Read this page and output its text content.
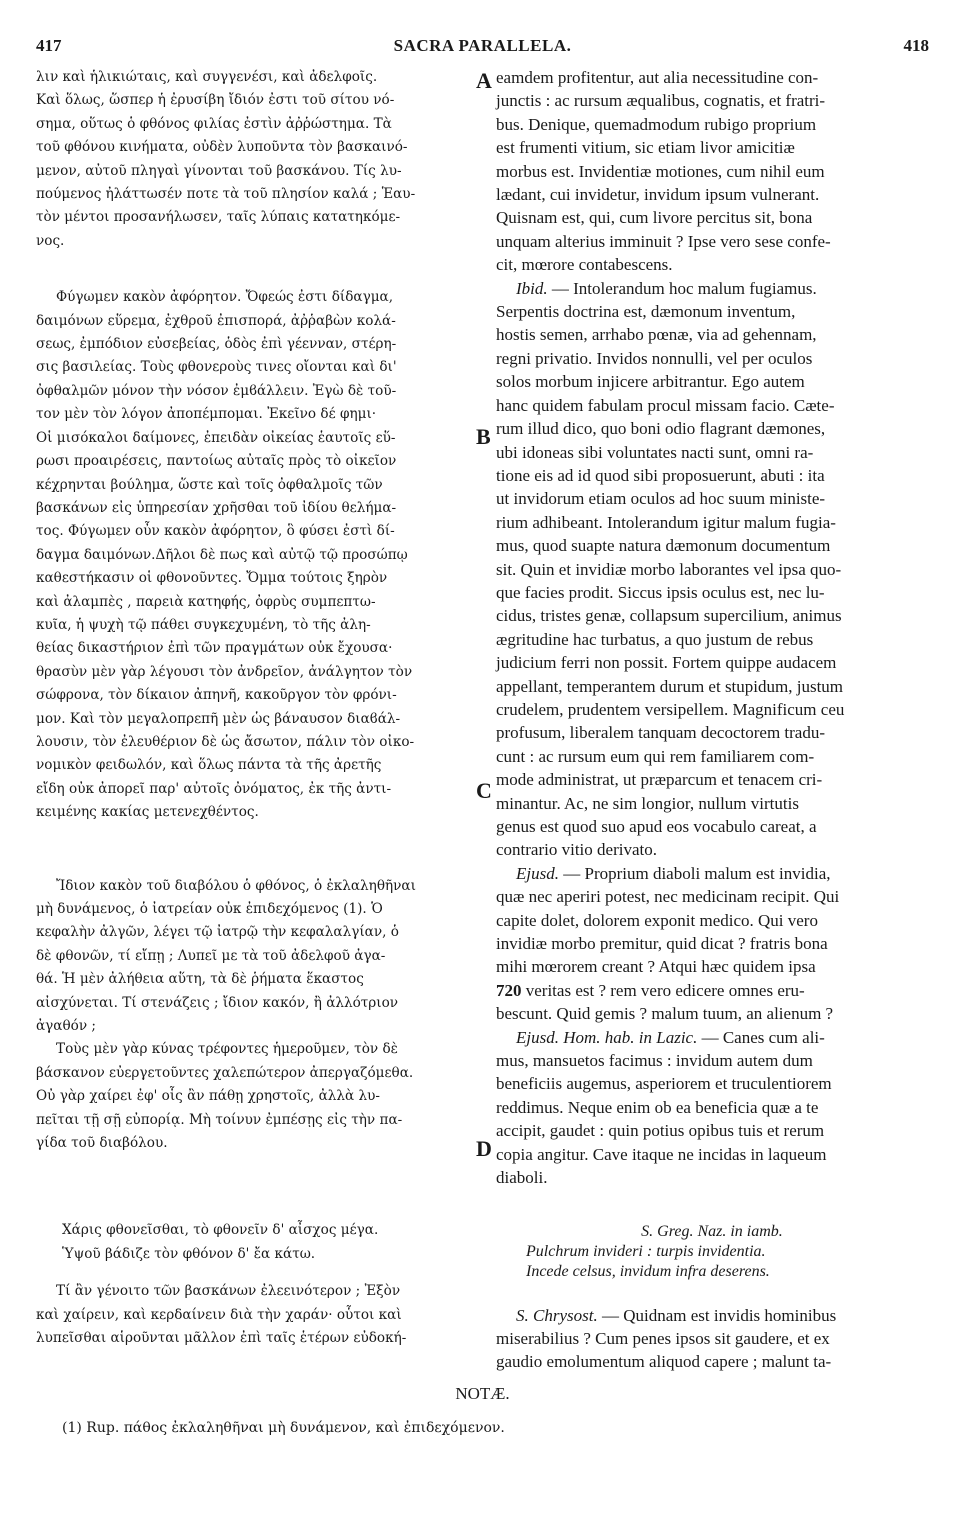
417	SACRA PARALLELA.	418
A
B
C
D

λιν καὶ ἡλικιώταις, καὶ συγγενέσι, καὶ ἀδελφοῖς.
Καὶ ὅλως, ὥσπερ ἡ ἐρυσίβη ἴδιόν ἐστι τοῦ σίτου νό-
σημα, οὕτως ὁ φθόνος φιλίας ἐστὶν ἀῤῥώστημα. Τὰ
τοῦ φθόνου κινήματα, οὐδὲν λυποῦντα τὸν βασκαινό-
μενον, αὐτοῦ πληγαὶ γίνονται τοῦ βασκάνου. Τίς λυ-
πούμενος ἠλάττωσέν ποτε τὰ τοῦ πλησίον καλά ; Ἑαυ-
τὸν μέντοι προσανήλωσεν, ταῖς λύπαις κατατηκόμε-
νος.

Φύγωμεν κακὸν ἀφόρητον. Ὄφεώς ἐστι δίδαγμα,
δαιμόνων εὕρεμα, ἐχθροῦ ἐπισπορά, ἀῤῥαβὼν κολά-
σεως, ἐμπόδιον εὐσεβείας, ὁδὸς ἐπὶ γέενναν, στέρη-
σις βασιλείας. Τοὺς φθονεροὺς τινες οἴονται καὶ δι'
ὀφθαλμῶν μόνον τὴν νόσον ἐμϐάλλειν. Ἐγὼ δὲ τοῦ-
τον μὲν τὸν λόγον ἀποπέμπομαι. Ἐκεῖνο δέ φημι·
Οἱ μισόκαλοι δαίμονες, ἐπειδὰν οἰκείας ἑαυτοῖς εὕ-
ρωσι προαιρέσεις, παντοίως αὐταῖς πρὸς τὸ οἰκεῖον
κέχρηνται βούλημα, ὥστε καὶ τοῖς ὀφθαλμοῖς τῶν
βασκάνων εἰς ὑπηρεσίαν χρῆσθαι τοῦ ἰδίου θελήμα-
τος. Φύγωμεν οὖν κακὸν ἀφόρητον, ὃ φύσει ἐστὶ δί-
δαγμα δαιμόνων.Δῆλοι δὲ πως καὶ αὐτῷ τῷ προσώπῳ
καθεστήκασιν οἱ φθονοῦντες. Ὄμμα τούτοις ξηρὸν
καὶ ἀλαμπὲς , παρειὰ κατηφής, ὀφρὺς συμπεπτω-
κυῖα, ἡ ψυχὴ τῷ πάθει συγκεχυμένη, τὸ τῆς ἀλη-
θείας δικαστήριον ἐπὶ τῶν πραγμάτων οὐκ ἔχουσα·
θρασὺν μὲν γὰρ λέγουσι τὸν ἀνδρεῖον, ἀνάλγητον τὸν
σώφρονα, τὸν δίκαιον ἀπηνῆ, κακοῦργον τὸν φρόνι-
μον. Καὶ τὸν μεγαλοπρεπῆ μὲν ὡς βάναυσον διαϐάλ-
λουσιν, τὸν ἐλευθέριον δὲ ὡς ἄσωτον, πάλιν τὸν οἰκο-
νομικὸν φειδωλόν, καὶ ὅλως πάντα τὰ τῆς ἀρετῆς
εἴδη οὐκ ἀπορεῖ παρ' αὐτοῖς ὀνόματος, ἐκ τῆς ἀντι-
κειμένης κακίας μετενεχθέντος.

Ἴδιον κακὸν τοῦ διαβόλου ὁ φθόνος, ὁ ἐκλαληθῆναι
μὴ δυνάμενος, ὁ ἰατρείαν οὐκ ἐπιδεχόμενος (1). Ὁ
κεφαλὴν ἀλγῶν, λέγει τῷ ἰατρῷ τὴν κεφαλαλγίαν, ὁ
δὲ φθονῶν, τί εἴπῃ ; Λυπεῖ με τὰ τοῦ ἀδελφοῦ ἀγα-
θά. Ἡ μὲν ἀλήθεια αὕτη, τὰ δὲ ῥήματα ἕκαστος
αἰσχύνεται. Τί στενάζεις ; ἴδιον κακόν, ἢ ἀλλότριον
ἀγαθόν ;

Τοὺς μὲν γὰρ κύνας τρέφοντες ἡμεροῦμεν, τὸν δὲ
βάσκανον εὐεργετοῦντες χαλεπώτερον ἀπεργαζόμεθα.
Οὐ γὰρ χαίρει ἐφ' οἷς ἂν πάθῃ χρηστοῖς, ἀλλὰ λυ-
πεῖται τῇ σῇ εὐπορίᾳ. Μὴ τοίνυν ἐμπέσῃς εἰς τὴν πα-
γίδα τοῦ διαβόλου.

Χάρις φθονεῖσθαι, τὸ φθονεῖν δ' αἶσχος μέγα.
Ὑψοῦ βάδιζε τὸν φθόνον δ' ἔα κάτω.

Τί ἂν γένοιτο τῶν βασκάνων ἐλεεινότερον ; Ἐξὸν
καὶ χαίρειν, καὶ κερδαίνειν διὰ τὴν χαράν· οὗτοι καὶ
λυπεῖσθαι αἱροῦνται μᾶλλον ἐπὶ ταῖς ἑτέρων εὐδοκή-

eamdem profitentur, aut alia necessitudine con-
junctis : ac rursum æqualibus, cognatis, et fratri-
bus. Denique, quemadmodum rubigo proprium
est frumenti vitium, sic etiam livor amicitiæ
morbus est. Invidentiæ motiones, cum nihil eum
lædant, cui invidetur, invidum ipsum vulnerant.
Quisnam est, qui, cum livore percitus sit, bona
unquam alterius imminuit ? Ipse vero sese confe-
cit, mœrore contabescens.

Ibid. — Intolerandum hoc malum fugiamus.
Serpentis doctrina est, dæmonum inventum,
hostis semen, arrhabo pœnæ, via ad gehennam,
regni privatio. Invidos nonnulli, vel per oculos
solos morbum injicere arbitrantur. Ego autem
hanc quidem fabulam procul missam facio. Cæte-
rum illud dico, quo boni odio flagrant dæmones,
ubi idoneas sibi voluntates nacti sunt, omni ra-
tione eis ad id quod sibi proposuerunt, abuti : ita
ut invidorum etiam oculos ad hoc suum ministe-
rium adhibeant. Intolerandum igitur malum fugia-
mus, quod suapte natura dæmonum documentum
sit. Quin et invidiæ morbo laborantes vel ipsa quo-
que facies prodit. Siccus ipsis oculus est, nec lu-
cidus, tristes genæ, collapsum supercilium, animus
ægritudine hac turbatus, a quo justum de rebus
judicium ferri non possit. Fortem quippe audacem
appellant, temperantem durum et stupidum, justum
crudelem, prudentem versipellem. Magnificum ceu
profusum, liberalem tanquam decoctorem tradu-
cunt : ac rursum eum qui rem familiarem com-
mode administrat, ut præparcum et tenacem cri-
minantur. Ac, ne sim longior, nullum virtutis
genus est quod suo apud eos vocabulo careat, a
contrario vitio derivato.

Ejusd. — Proprium diaboli malum est invidia,
quæ nec aperiri potest, nec medicinam recipit. Qui
capite dolet, dolorem exponit medico. Qui vero
invidiæ morbo premitur, quid dicat ? fratris bona
mihi mœrorem creant ? Atqui hæc quidem ipsa
720 veritas est ? rem vero edicere omnes eru-
bescunt. Quid gemis ? malum tuum, an alienum ?

Ejusd. Hom. hab. in Lazic. — Canes cum ali-
mus, mansuetos facimus : invidum autem dum
beneficiis augemus, asperiorem et truculentiorem
reddimus. Neque enim ob ea beneficia quæ a te
accipit, gaudet : quin potius opibus tuis et rerum
copia angitur. Cave itaque ne incidas in laqueum
diaboli.

S. Greg. Naz. in iamb.

Pulchrum invideri : turpis invidentia.
Incede celsus, invidum infra deserens.

S. Chrysost. — Quidnam est invidis hominibus
miserabilius ? Cum penes ipsos sit gaudere, et ex
gaudio emolumentum aliquod capere ; malunt ta-

NOTÆ.
(1) Rup. πάθος ἐκλαληθῆναι μὴ δυνάμενον, καὶ ἐπιδεχόμενον.
